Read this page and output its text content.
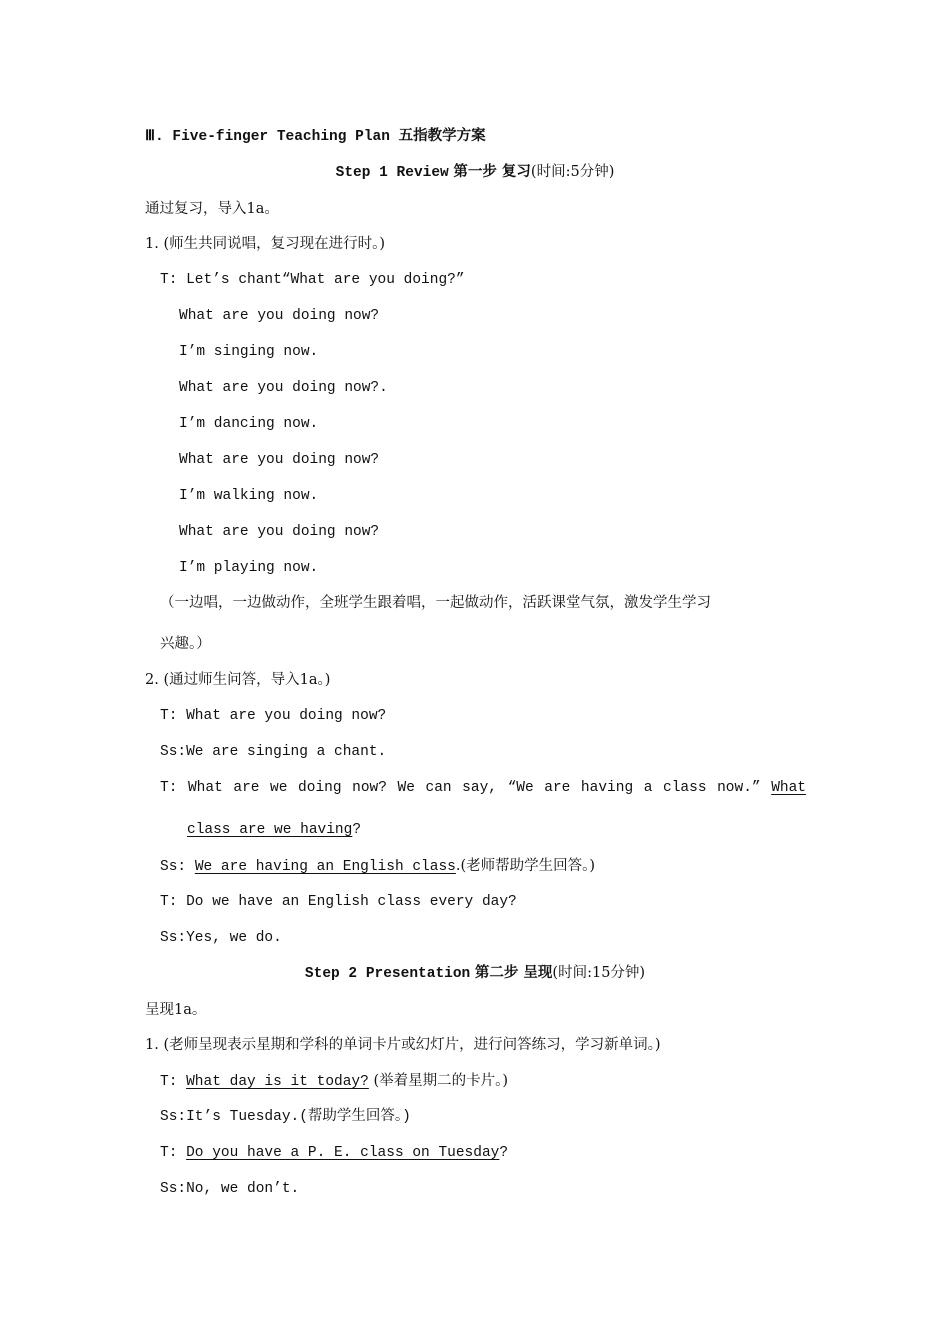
Ⅲ. Five-finger Teaching Plan 五指教学方案
Step 1 Review 第一步 复习(时间:5分钟)
通过复习，导入1a。
1. (师生共同说唱，复习现在进行时。)
T: Let’s chant“What are you doing?”
What are you doing now?
I’m singing now.
What are you doing now?.
I’m dancing now.
What are you doing now?
I’m walking now.
What are you doing now?
I’m playing now.
（一边唱，一边做动作，全班学生跟着唱，一起做动作，活跃课堂气氛，激发学生学习
兴趣。）
2. (通过师生问答，导入1a。)
T: What are you doing now?
Ss:We are singing a chant.
T: What are we doing now? We can say, “We are having a class now.” What
class are we having?
Ss: We are having an English class.(老师帮助学生回答。)
T: Do we have an English class every day?
Ss:Yes, we do.
Step 2 Presentation 第二步 呈现(时间:15分钟)
呈现1a。
1. (老师呈现表示星期和学科的单词卡片或幻灯片，进行问答练习，学习新单词。)
T: What day is it today? (举着星期二的卡片。)
Ss:It’s Tuesday.(帮助学生回答。)
T: Do you have a P. E. class on Tuesday?
Ss:No, we don’t.
